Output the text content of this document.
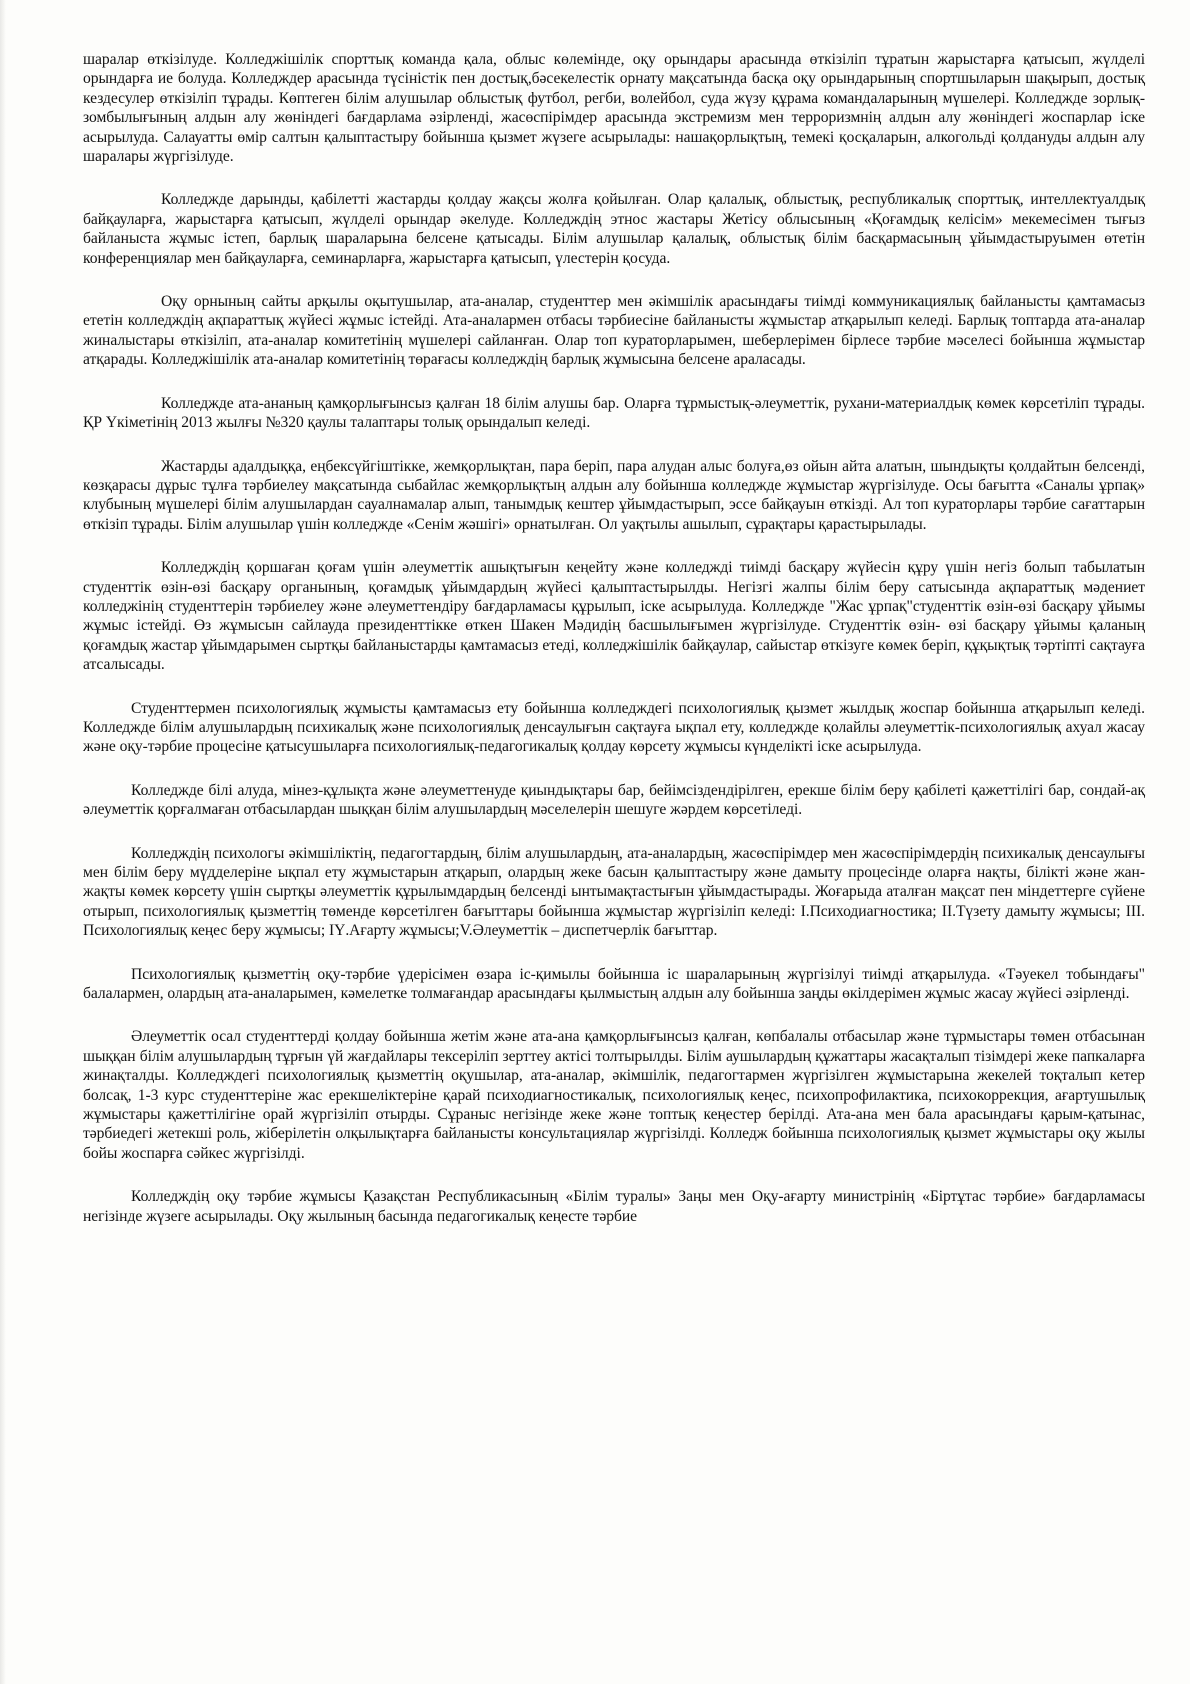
шаралар өткізілуде. Колледжішілік спорттық команда қала, облыс көлемінде, оқу орындары арасында өткізіліп тұратын жарыстарға қатысып, жүлделі орындарға ие болуда. Колледждер арасында түсіністік пен достық,бәсекелестік орнату мақсатында басқа оқу орындарының спортшыларын шақырып, достық кездесулер өткізіліп тұрады. Көптеген білім алушылар облыстық футбол, регби, волейбол, суда жүзу құрама командаларының мүшелері. Колледжде зорлық-зомбылығының алдын алу жөніндегі бағдарлама әзірленді, жасөспірімдер арасында экстремизм мен терроризмнің алдын алу жөніндегі жоспарлар іске асырылуда. Салауатты өмір салтын қалыптастыру бойынша қызмет жүзеге асырылады: нашақорлықтың, темекі қосқаларын, алкогольді қолдануды алдын алу шаралары жүргізілуде.

Колледжде дарынды, қабілетті жастарды қолдау жақсы жолға қойылған. Олар қалалық, облыстық, республикалық спорттық, интеллектуалдық байқауларға, жарыстарға қатысып, жүлделі орындар әкелуде. Колледждің этнос жастары Жетісу облысының «Қоғамдық келісім» мекемесімен тығыз байланыста жұмыс істеп, барлық шараларына белсене қатысады. Білім алушылар қалалық, облыстық білім басқармасының ұйымдастыруымен өтетін конференциялар мен байқауларға, семинарларға, жарыстарға қатысып, үлестерін қосуда.

Оқу орнының сайты арқылы оқытушылар, ата-аналар, студенттер мен әкімшілік арасындағы тиімді коммуникациялық байланысты қамтамасыз ететін колледждің ақпараттық жүйесі жұмыс істейді. Ата-аналармен отбасы тәрбиесіне байланысты жұмыстар атқарылып келеді. Барлық топтарда ата-аналар жиналыстары өткізіліп, ата-аналар комитетінің мүшелері сайланған. Олар топ кураторларымен, шеберлерімен бірлесе тәрбие мәселесі бойынша жұмыстар атқарады. Колледжішілік ата-аналар комитетінің төрағасы колледждің барлық жұмысына белсене араласады.

Колледжде ата-ананың қамқорлығынсыз қалған 18 білім алушы бар. Оларға тұрмыстық-әлеуметтік, рухани-материалдық көмек көрсетіліп тұрады. ҚР Үкіметінің 2013 жылғы №320 қаулы талаптары толық орындалып келеді.

Жастарды адалдыққа, еңбексүйгіштікке, жемқорлықтан, пара беріп, пара алудан алыс болуға,өз ойын айта алатын, шындықты қолдайтын белсенді, көзқарасы дұрыс тұлға тәрбиелеу мақсатында сыбайлас жемқорлықтың алдын алу бойынша колледжде жұмыстар жүргізілуде. Осы бағытта «Саналы ұрпақ» клубының мүшелері білім алушылардан сауалнамалар алып, танымдық кештер ұйымдастырып, эссе байқауын өткізді. Ал топ кураторлары тәрбие сағаттарын өткізіп тұрады. Білім алушылар үшін колледжде «Сенім жәшігі» орнатылған. Ол уақтылы ашылып, сұрақтары қарастырылады.

Колледждің қоршаған қоғам үшін әлеуметтік ашықтығын кеңейту және колледжді тиімді басқару жүйесін құру үшін негіз болып табылатын студенттік өзін-өзі басқару органының, қоғамдық ұйымдардың жүйесі қалыптастырылды. Негізгі жалпы білім беру сатысында ақпараттық мәдениет колледжінің студенттерін тәрбиелеу және әлеуметтендіру бағдарламасы құрылып, іске асырылуда. Колледжде "Жас ұрпақ"студенттік өзін-өзі басқару ұйымы жұмыс істейді. Өз жұмысын сайлауда президенттікке өткен Шакен Мәдидің басшылығымен жүргізілуде. Студенттік өзін- өзі басқару ұйымы қаланың қоғамдық жастар ұйымдарымен сыртқы байланыстарды қамтамасыз етеді, колледжішілік байқаулар, сайыстар өткізуге көмек беріп, құқықтық тәртіпті сақтауға атсалысады.

Студенттермен психологиялық жұмысты қамтамасыз ету бойынша колледждегі психологиялық қызмет жылдық жоспар бойынша атқарылып келеді. Колледжде білім алушылардың психикалық және психологиялық денсаулығын сақтауға ықпал ету, колледжде қолайлы әлеуметтік-психологиялық ахуал жасау және оқу-тәрбие процесіне қатысушыларға психологиялық-педагогикалық қолдау көрсету жұмысы күнделікті іске асырылуда.

Колледжде білі алуда, мінез-құлықта және әлеуметтенуде қиындықтары бар, бейімсіздендірілген, ерекше білім беру қабілеті қажеттілігі бар, сондай-ақ әлеуметтік қорғалмаған отбасылардан шыққан білім алушылардың мәселелерін шешуге жәрдем көрсетіледі.

Колледждің психологы әкімшіліктің, педагогтардың, білім алушылардың, ата-аналардың, жасөспірімдер мен жасөспірімдердің психикалық денсаулығы мен білім беру мүдделеріне ықпал ету жұмыстарын атқарып, олардың жеке басын қалыптастыру және дамыту процесінде оларға нақты, білікті және жан-жақты көмек көрсету үшін сыртқы әлеуметтік құрылымдардың белсенді ынтымақтастығын ұйымдастырады. Жоғарыда аталған мақсат пен міндеттерге сүйене отырып, психологиялық қызметтің төменде көрсетілген бағыттары бойынша жұмыстар жүргізіліп келеді: І.Психодиагностика; ІІ.Түзету дамыту жұмысы; ІІІ. Психологиялық кеңес беру жұмысы; ІҮ.Ағарту жұмысы;V.Әлеуметтік – диспетчерлік бағыттар.

Психологиялық қызметтің оқу-тәрбие үдерісімен өзара іс-қимылы бойынша іс шараларының жүргізілуі тиімді атқарылуда. «Тәуекел тобындағы" балалармен, олардың ата-аналарымен, кәмелетке толмағандар арасындағы қылмыстың алдын алу бойынша заңды өкілдерімен жұмыс жасау жүйесі әзірленді.

Әлеуметтік осал студенттерді қолдау бойынша жетім және ата-ана қамқорлығынсыз қалған, көпбалалы отбасылар және тұрмыстары төмен отбасынан шыққан білім алушылардың тұрғын үй жағдайлары тексеріліп зерттеу актісі толтырылды. Білім аушылардың құжаттары жасақталып тізімдері жеке папкаларға жинақталды. Колледждегі психологиялық қызметтің оқушылар, ата-аналар, әкімшілік, педагогтармен жүргізілген жұмыстарына жекелей тоқталып кетер болсақ, 1-3 курс студенттеріне жас ерекшеліктеріне қарай психодиагностикалық, психологиялық кеңес, психопрофилактика, психокоррекция, ағартушылық жұмыстары қажеттілігіне орай жүргізіліп отырды. Сұраныс негізінде жеке және топтық кеңестер берілді. Ата-ана мен бала арасындағы қарым-қатынас, тәрбиедегі жетекші роль, жіберілетін олқылықтарға байланысты консультациялар жүргізілді. Колледж бойынша психологиялық қызмет жұмыстары оқу жылы бойы жоспарға сәйкес жүргізілді.

Колледждің оқу тәрбие жұмысы Қазақстан Республикасының «Білім туралы» Заңы мен Оқу-ағарту министрінің «Біртұтас тәрбие» бағдарламасы негізінде жүзеге асырылады. Оқу жылының басында педагогикалық кеңесте тәрбие
